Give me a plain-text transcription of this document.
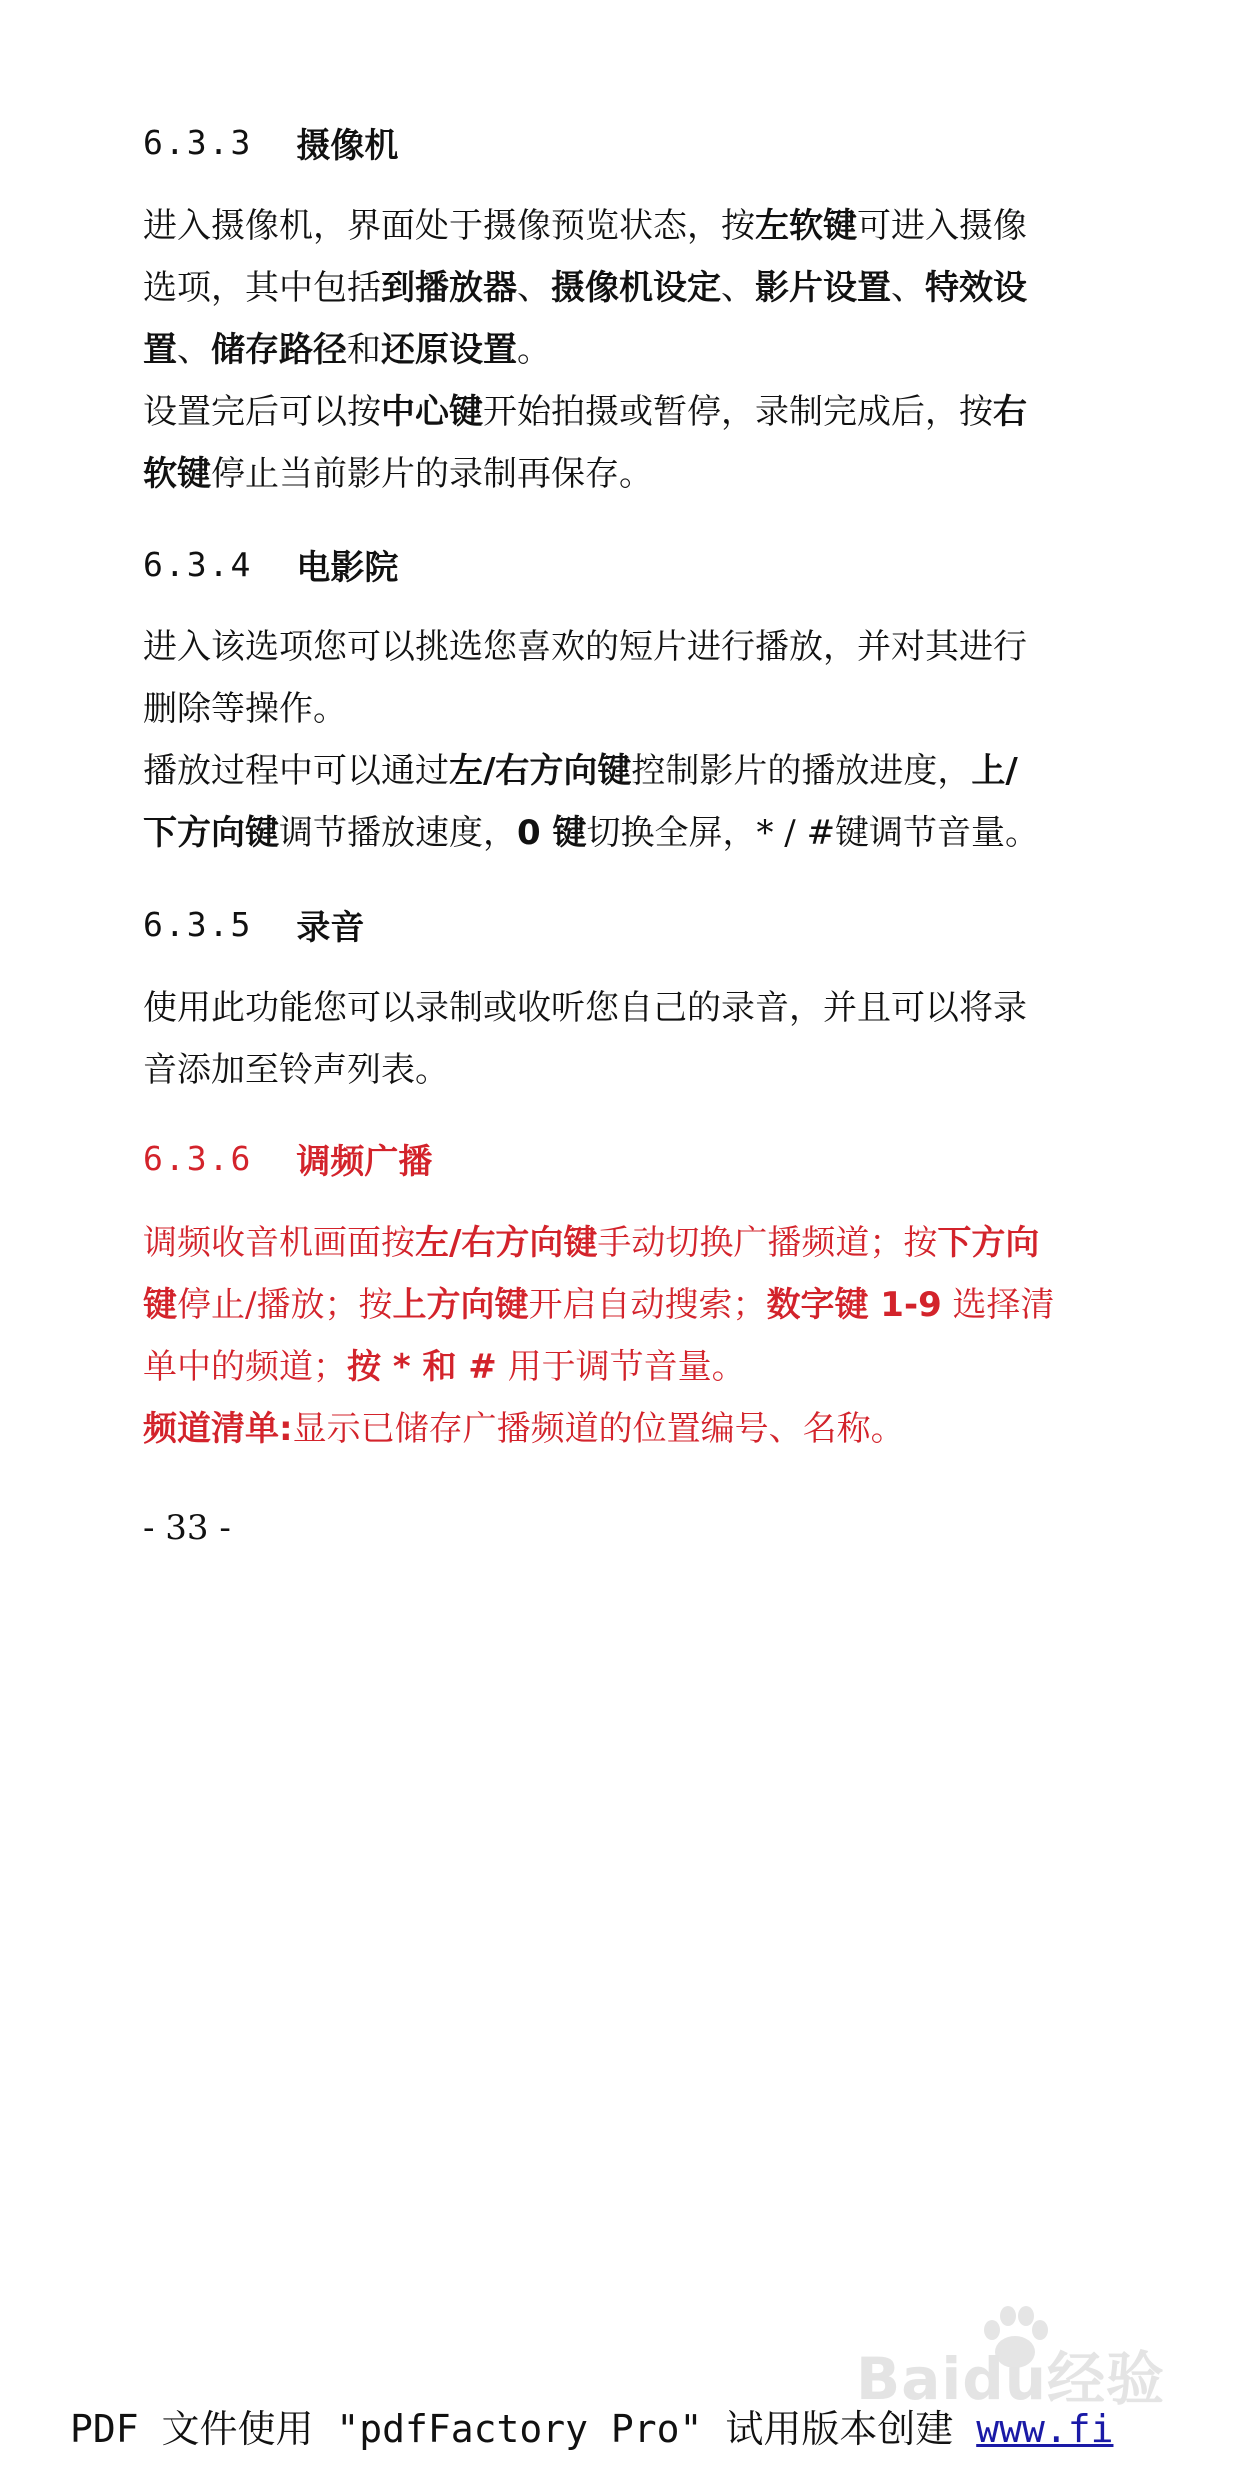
6.3.3 摄像机
进入摄像机，界面处于摄像预览状态，按左软键可进入摄像
选项，其中包括到播放器、摄像机设定、影片设置、特效设
置、储存路径和还原设置。
设置完后可以按中心键开始拍摄或暂停，录制完成后，按右
软键停止当前影片的录制再保存。
6.3.4 电影院
进入该选项您可以挑选您喜欢的短片进行播放，并对其进行
删除等操作。
播放过程中可以通过左/右方向键控制影片的播放进度，上/
下方向键调节播放速度，0 键切换全屏，* / #键调节音量。
6.3.5 录音
使用此功能您可以录制或收听您自己的录音，并且可以将录
音添加至铃声列表。
6.3.6 调频广播
调频收音机画面按左/右方向键手动切换广播频道；按下方向
键停止/播放；按上方向键开启自动搜索；数字键 1-9 选择清
单中的频道；按 * 和 # 用于调节音量。
频道清单:显示已储存广播频道的位置编号、名称。
- 33 -
Baidu经验
PDF 文件使用 "pdfFactory Pro" 试用版本创建 www.fi
